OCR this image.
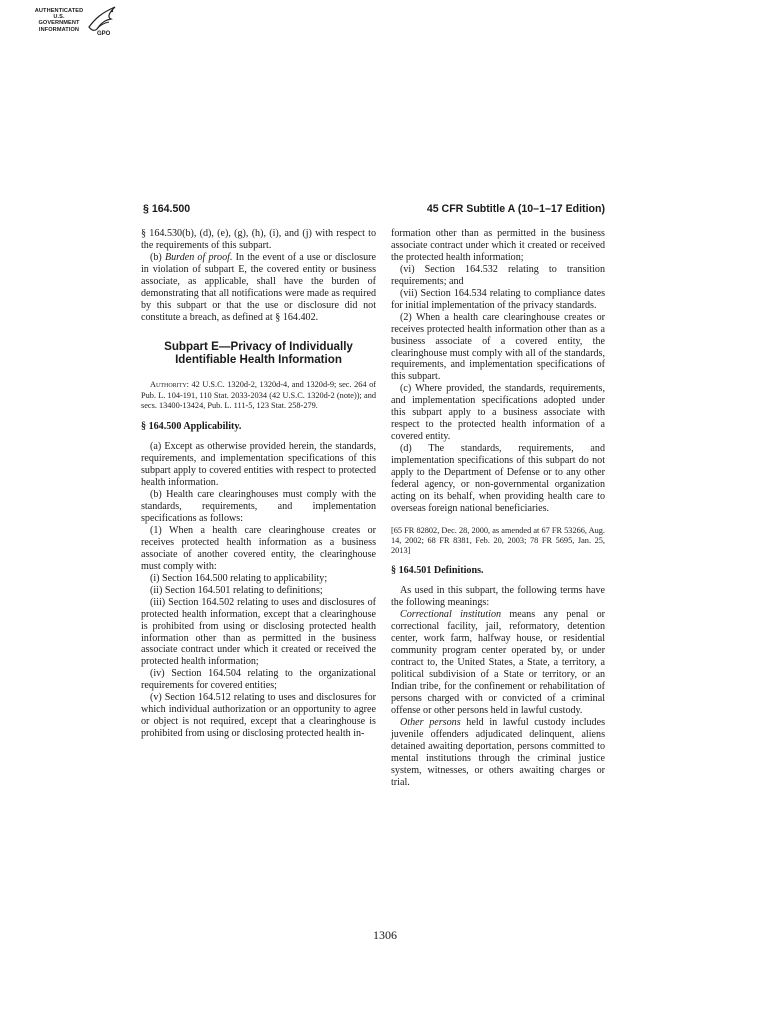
AUTHENTICATED
U.S. GOVERNMENT
INFORMATION
GPO
§ 164.500	45 CFR Subtitle A (10–1–17 Edition)

§ 164.530(b), (d), (e), (g), (h), (i), and (j) with respect to the requirements of this subpart.

(b) Burden of proof. In the event of a use or disclosure in violation of subpart E, the covered entity or business associate, as applicable, shall have the burden of demonstrating that all notifications were made as required by this subpart or that the use or disclosure did not constitute a breach, as defined at § 164.402.

Subpart E—Privacy of Individually Identifiable Health Information

Authority: 42 U.S.C. 1320d-2, 1320d-4, and 1320d-9; sec. 264 of Pub. L. 104-191, 110 Stat. 2033-2034 (42 U.S.C. 1320d-2 (note)); and secs. 13400-13424, Pub. L. 111-5, 123 Stat. 258-279.

§ 164.500 Applicability.

(a) Except as otherwise provided herein, the standards, requirements, and implementation specifications of this subpart apply to covered entities with respect to protected health information.

(b) Health care clearinghouses must comply with the standards, requirements, and implementation specifications as follows:

(1) When a health care clearinghouse creates or receives protected health information as a business associate of another covered entity, the clearinghouse must comply with:

(i) Section 164.500 relating to applicability;

(ii) Section 164.501 relating to definitions;

(iii) Section 164.502 relating to uses and disclosures of protected health information, except that a clearinghouse is prohibited from using or disclosing protected health information other than as permitted in the business associate contract under which it created or received the protected health information;

(iv) Section 164.504 relating to the organizational requirements for covered entities;

(v) Section 164.512 relating to uses and disclosures for which individual authorization or an opportunity to agree or object is not required, except that a clearinghouse is prohibited from using or disclosing protected health in-

formation other than as permitted in the business associate contract under which it created or received the protected health information;

(vi) Section 164.532 relating to transition requirements; and

(vii) Section 164.534 relating to compliance dates for initial implementation of the privacy standards.

(2) When a health care clearinghouse creates or receives protected health information other than as a business associate of a covered entity, the clearinghouse must comply with all of the standards, requirements, and implementation specifications of this subpart.

(c) Where provided, the standards, requirements, and implementation specifications adopted under this subpart apply to a business associate with respect to the protected health information of a covered entity.

(d) The standards, requirements, and implementation specifications of this subpart do not apply to the Department of Defense or to any other federal agency, or non-governmental organization acting on its behalf, when providing health care to overseas foreign national beneficiaries.

[65 FR 82802, Dec. 28, 2000, as amended at 67 FR 53266, Aug. 14, 2002; 68 FR 8381, Feb. 20, 2003; 78 FR 5695, Jan. 25, 2013]

§ 164.501 Definitions.

As used in this subpart, the following terms have the following meanings:

Correctional institution means any penal or correctional facility, jail, reformatory, detention center, work farm, halfway house, or residential community program center operated by, or under contract to, the United States, a State, a territory, a political subdivision of a State or territory, or an Indian tribe, for the confinement or rehabilitation of persons charged with or convicted of a criminal offense or other persons held in lawful custody.

Other persons held in lawful custody includes juvenile offenders adjudicated delinquent, aliens detained awaiting deportation, persons committed to mental institutions through the criminal justice system, witnesses, or others awaiting charges or trial.

1306
